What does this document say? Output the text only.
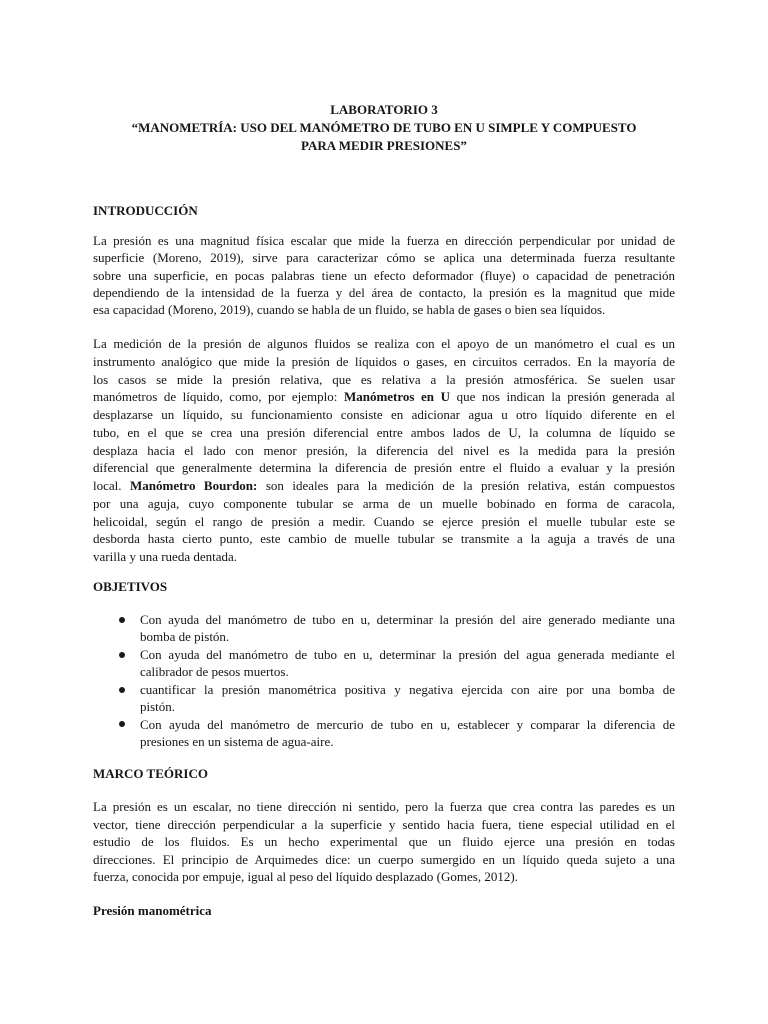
LABORATORIO 3
“MANOMETRÍA: USO DEL MANÓMETRO DE TUBO EN U SIMPLE Y COMPUESTO
PARA MEDIR PRESIONES”
INTRODUCCIÓN
La presión es una magnitud física escalar que mide la fuerza en dirección perpendicular por unidad de
superficie (Moreno, 2019), sirve para caracterizar cómo se aplica una determinada fuerza resultante
sobre una superficie, en pocas palabras tiene un efecto deformador (fluye) o capacidad de penetración
dependiendo de la intensidad de la fuerza y del área de contacto, la presión es la magnitud que mide
esa capacidad (Moreno, 2019), cuando se habla de un fluido, se habla de gases o bien sea líquidos.
La medición de la presión de algunos fluidos se realiza con el apoyo de un manómetro el cual es un
instrumento analógico que mide la presión de líquidos o gases, en circuitos cerrados. En la mayoría de
los casos se mide la presión relativa, que es relativa a la presión atmosférica. Se suelen usar
manómetros de líquido, como, por ejemplo: Manómetros en U que nos indican la presión generada al
desplazarse un líquido, su funcionamiento consiste en adicionar agua u otro líquido diferente en el
tubo, en el que se crea una presión diferencial entre ambos lados de U, la columna de líquido se
desplaza hacia el lado con menor presión, la diferencia del nivel es la medida para la presión
diferencial que generalmente determina la diferencia de presión entre el fluido a evaluar y la presión
local. Manómetro Bourdon: son ideales para la medición de la presión relativa, están compuestos
por una aguja, cuyo componente tubular se arma de un muelle bobinado en forma de caracola,
helicoidal, según el rango de presión a medir. Cuando se ejerce presión el muelle tubular este se
desborda hasta cierto punto, este cambio de muelle tubular se transmite a la aguja a través de una
varilla y una rueda dentada.
OBJETIVOS
Con ayuda del manómetro de tubo en u, determinar la presión del aire generado mediante una
bomba de pistón.
Con ayuda del manómetro de tubo en u, determinar la presión del agua generada mediante el
calibrador de pesos muertos.
cuantificar la presión manométrica positiva y negativa ejercida con aire por una bomba de
pistón.
Con ayuda del manómetro de mercurio de tubo en u, establecer y comparar la diferencia de
presiones en un sistema de agua-aire.
MARCO TEÓRICO
La presión es un escalar, no tiene dirección ni sentido, pero la fuerza que crea contra las paredes es un
vector, tiene dirección perpendicular a la superficie y sentido hacia fuera, tiene especial utilidad en el
estudio de los fluidos. Es un hecho experimental que un fluido ejerce una presión en todas
direcciones. El principio de Arquimedes dice: un cuerpo sumergido en un líquido queda sujeto a una
fuerza, conocida por empuje, igual al peso del líquido desplazado (Gomes, 2012).
Presión manométrica
